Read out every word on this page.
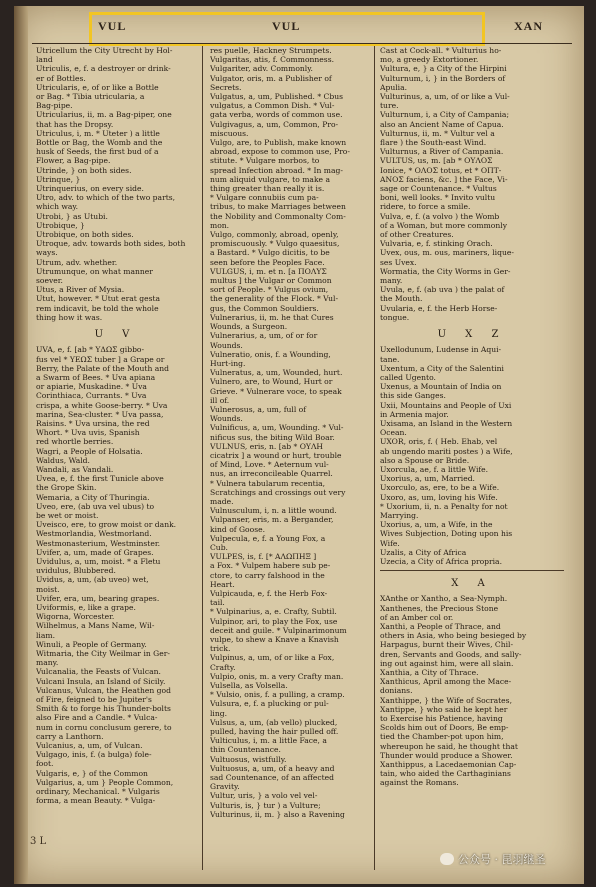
VUL	VUL	XAN
Utricellum the City Utrecht by Hol-
land
Utriculis, e, f. a destroyer or drink-
er of Bottles.
Utricularis, e, of or like a Bottle
or Bag. * Tibia utricularia, a
Bag-pipe.
Utricularius, ii, m. a Bag-piper, one
that has the Dropsy.
Utriculus, i, m. * Uteter ) a little
Bottle or Bag, the Womb and the
husk of Seeds, the first bud of a
Flower, a Bag-pipe.
Utrinde, } on both sides.
Utrinque, }
Utrinquerius, on every side.
Utro, adv. to which of the two parts,
which way.
Utrobi, } as Utubi.
Utrobique, }
Utrobique, on both sides.
Utroque, adv. towards both sides, both
ways.
Utrum, adv. whether.
Utrumunque, on what manner
soever.
Utus, a River of Mysia.
Utut, however. * Utut erat gesta
rem indicavit, be told the whole
thing how it was.
U V
UVA, e, f. [ab * YΔΩΣ gibbo-
fus vel * ΥΕΩΣ tuber ] a Grape or
Berry, the Palate of the Mouth and
a Swarm of Bees. * Uva apiana
or apiarie, Muskadine. * Uva
Corinthiaca, Currants. * Uva
crispa, a white Goose-berry. * Uva
marina, Sea-cluster. * Uva passa,
Raisins. * Uva ursina, the red
Whort. * Uva uvis, Spanish
red whortle berries.
Wagri, a People of Holsatia.
Waldus, Wald.
Wandali, as Vandali.
Uvea, e, f. the first Tunicle above
the Grope Skin.
Wemaria, a City of Thuringia.
Uveo, ere, (ab uva vel ubus) to
be wet or moist.
Uveisco, ere, to grow moist or dank.
Westmorlandia, Westmorland.
Westmonasterium, Westminster.
Uvifer, a, um, made of Grapes.
Uvidulus, a, um, moist. * a Fletu
uvidulus, Blubbered.
Uvidus, a, um, (ab uveo) wet,
moist.
Uvifer, era, um, bearing grapes.
Uviformis, e, like a grape.
Wigorna, Worcester.
Wilhelmus, a Mans Name, Wil-
liam.
Winuli, a People of Germany.
Witmaria, the City Weilmar in Ger-
many.
Vulcanalia, the Feasts of Vulcan.
Vulcani Insula, an Island of Sicily.
Vulcanus, Vulcan, the Heathen god
of Fire, feigned to be Jupiter's
Smith & to forge his Thunder-bolts
also Fire and a Candle. * Vulca-
num in cornu conclusum gerere, to
carry a Lanthorn.
Vulcanius, a, um, of Vulcan.
Vulgago, inis, f. (a bulga) fole-
foot.
Vulgaris, e, } of the Common
Vulgarius, a, um } People Common,
ordinary, Mechanical. * Vulgaris
forma, a mean Beauty. * Vulga-
res puelle, Hackney Strumpets.
Vulgaritas, atis, f. Commonness.
Vulgariter, adv. Commonly.
Vulgator, oris, m. a Publisher of
Secrets.
Vulgatus, a, um, Published. * Cbus
vulgatus, a Common Dish. * Vul-
gata verba, words of common use.
Vulgivagus, a, um, Common, Pro-
miscuous.
Vulgo, are, to Publish, make known
abroad, expose to common use, Pro-
stitute. * Vulgare morbos, to
spread Infection abroad. * In mag-
num aliquid vulgare, to make a
thing greater than really it is.
* Vulgare connubiis cum pa-
tribus, to make Marriages between
the Nobility and Commonalty Com-
mon.
Vulgo, commonly, abroad, openly,
promiscuously. * Vulgo quaesitus,
a Bastard. * Vulgo dicitis, to be
seen before the Peoples Face.
VULGUS, i, m. et n. [a ΠΟΛΥΣ
multus ] the Vulgar or Common
sort of People. * Vulgus ovium,
the generality of the Flock. * Vul-
gus, the Common Souldiers.
Vulnerarius, ii, m. he that Cures
Wounds, a Surgeon.
Vulnerarius, a, um, of or for
Wounds.
Vulneratio, onis, f. a Wounding,
Hurt-ing.
Vulneratus, a, um, Wounded, hurt.
Vulnero, are, to Wound, Hurt or
Grieve. * Vulnerare voce, to speak
ill of.
Vulnerosus, a, um, full of
Wounds.
Vulnificus, a, um, Wounding. * Vul-
nificus sus, the biting Wild Boar.
VULNUS, eris, n. [ab * ΟΥΛΗ
cicatrix ] a wound or hurt, trouble
of Mind, Love. * Aeternum vul-
nus, an irreconcileable Quarrel.
* Vulnera tabularum recentia,
Scratchings and crossings out very
made.
Vulnusculum, i, n. a little wound.
Vulpanser, eris, m. a Bergander,
kind of Goose.
Vulpecula, e, f. a Young Fox, a
Cub.
VULPES, is, f. [* ΑΛΩΠΗΞ ]
a Fox. * Vulpem habere sub pe-
ctore, to carry falshood in the
Heart.
Vulpicauda, e, f. the Herb Fox-
tail.
* Vulpinarius, a, e. Crafty, Subtil.
Vulpinor, ari, to play the Fox, use
deceit and guile. * Vulpinarimonum
vulpe, to shew a Knave a Knavish
trick.
Vulpinus, a, um, of or like a Fox,
Crafty.
Vulpio, onis, m. a very Crafty man.
Vulsella, as Volsella.
* Vulsio, onis, f. a pulling, a cramp.
Vulsura, e, f. a plucking or pul-
ling.
Vulsus, a, um, (ab vello) plucked,
pulled, having the hair pulled off.
Vulticulus, i, m. a little Face, a
thin Countenance.
Vultuosus, wistfully.
Vultuosus, a, um, of a heavy and
sad Countenance, of an affected
Gravity.
Vultur, uris, } a volo vel vel-
Vulturis, is, } tur ) a Vulture;
Vulturinus, ii, m. } also a Ravening
Cast at Cock-all. * Vulturius ho-
mo, a greedy Extortioner.
Vultura, e, } a City of the Hirpini
Vulturnum, i, } in the Borders of
Apulia.
Vulturinus, a, um, of or like a Vul-
ture.
Vulturnum, i, a City of Campania;
also an Ancient Name of Capua.
Vulturnus, ii, m. * Vultur vel a
flare ) the South-east Wind.
Vulturnus, a River of Campania.
VULTUS, us, m. [ab * ΟΥΛΟΣ
Ionice, * ΟΛΟΣ totus, et * ΟΠΤ-
ΑΝΟΣ faciens, &c. ] the Face, Vi-
sage or Countenance. * Vultus
boni, well looks. * Invito vultu
ridere, to force a smile.
Vulva, e, f. (a volvo ) the Womb
of a Woman, but more commonly
of other Creatures.
Vulvaria, e, f. stinking Orach.
Uvex, ous, m. ous, mariners, lique-
ses Uvex.
Wormatia, the City Worms in Ger-
many.
Uvula, e, f. (ab uva ) the palat of
the Mouth.
Uvularia, e, f. the Herb Horse-
tongue.
U X Z
Uxellodunum, Ludense in Aqui-
tane.
Uxentum, a City of the Salentini
called Ugento.
Uxenus, a Mountain of India on
this side Ganges.
Uxii, Mountains and People of Uxi
in Armenia major.
Uxisama, an Island in the Western
Ocean.
UXOR, oris, f. ( Heb. Ehab, vel
ab ungendo mariti postes ) a Wife,
also a Spouse or Bride.
Uxorcula, ae, f. a little Wife.
Uxorius, a, um, Married.
Uxorculo, as, ere, to be a Wife.
Uxoro, as, um, loving his Wife.
* Uxorium, ii, n. a Penalty for not
Marrying.
Uxorius, a, um, a Wife, in the
Wives Subjection, Doting upon his
Wife.
Uzalis, a City of Africa
Uzecia, a City of Africa propria.
X A
XAnthe or Xantho, a Sea-Nymph.
Xanthenes, the Precious Stone
of an Amber col or.
Xanthi, a People of Thrace, and
others in Asia, who being besieged by
Harpagus, burnt their Wives, Chil-
dren, Servants and Goods, and sally-
ing out against him, were all slain.
Xanthia, a City of Thrace.
Xanthicus, April among the Mace-
donians.
Xanthippe, } the Wife of Socrates,
Xantippe, } who said he kept her
to Exercise his Patience, having
Scolds him out of Doors, Be emp-
tied the Chamber-pot upon him,
whereupon he said, he thought that
Thunder would produce a Shower.
Xanthippus, a Lacedaemonian Cap-
tain, who aided the Carthaginians
against the Romans.
3 L
公众号 · 昆羽继圣
